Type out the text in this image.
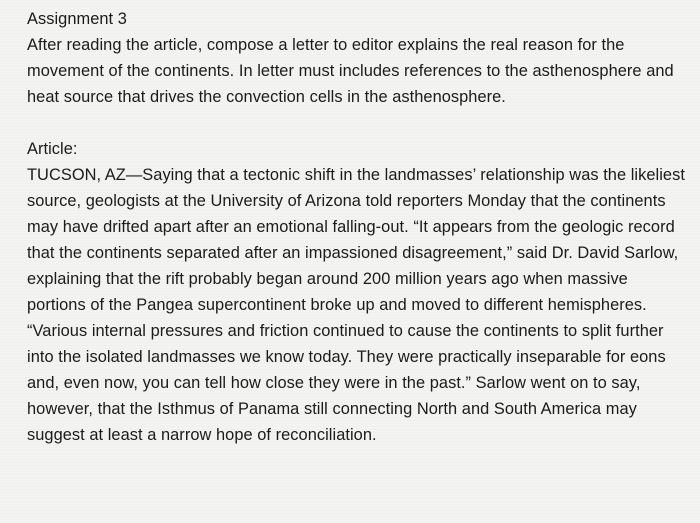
Assignment 3

After reading the article, compose a letter to editor explains the real reason for the movement of the continents. In letter must includes references to the asthenosphere and heat source that drives the convection cells in the asthenosphere.

Article:

TUCSON, AZ—Saying that a tectonic shift in the landmasses’ relationship was the likeliest source, geologists at the University of Arizona told reporters Monday that the continents may have drifted apart after an emotional falling-out. “It appears from the geologic record that the continents separated after an impassioned disagreement,” said Dr. David Sarlow, explaining that the rift probably began around 200 million years ago when massive portions of the Pangea supercontinent broke up and moved to different hemispheres. “Various internal pressures and friction continued to cause the continents to split further into the isolated landmasses we know today. They were practically inseparable for eons and, even now, you can tell how close they were in the past.” Sarlow went on to say, however, that the Isthmus of Panama still connecting North and South America may suggest at least a narrow hope of reconciliation.
